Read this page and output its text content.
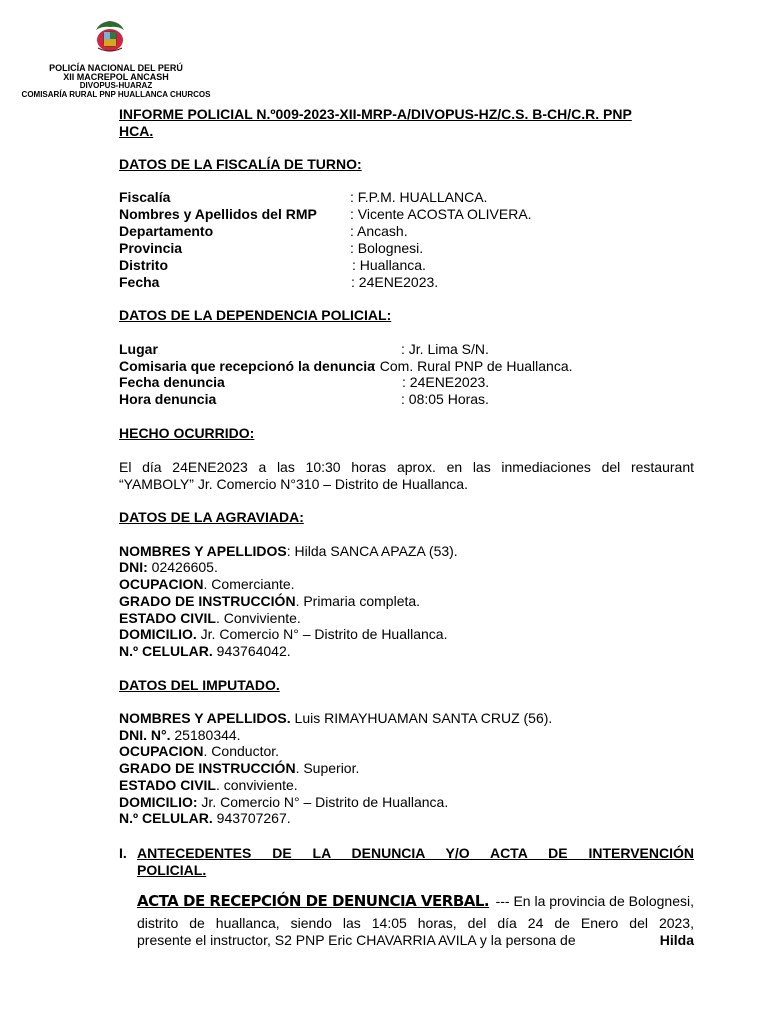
POLICÍA NACIONAL DEL PERÚ
XII MACREPOL ANCASH
DIVOPUS-HUARAZ
COMISARÍA RURAL PNP HUALLANCA CHURCOS
INFORME POLICIAL N.º009-2023-XII-MRP-A/DIVOPUS-HZ/C.S. B-CH/C.R. PNP
HCA.
DATOS DE LA FISCALÍA DE TURNO:
Fiscalía	: F.P.M. HUALLANCA.
Nombres y Apellidos del RMP : Vicente ACOSTA OLIVERA.
Departamento	: Ancash.
Provincia	: Bolognesi.
Distrito	: Huallanca.
Fecha	: 24ENE2023.
DATOS DE LA DEPENDENCIA POLICIAL:
Lugar	: Jr. Lima S/N.
Comisaria que recepcionó la denuncia
: Com. Rural PNP de Huallanca.
Fecha denuncia	: 24ENE2023.
Hora denuncia	: 08:05 Horas.
HECHO OCURRIDO:
El día 24ENE2023 a las 10:30 horas aprox. en las inmediaciones del restaurant
“YAMBOLY” Jr. Comercio N°310 – Distrito de Huallanca.
DATOS DE LA AGRAVIADA:
NOMBRES Y APELLIDOS: Hilda SANCA APAZA (53).
DNI: 02426605.
OCUPACION. Comerciante.
GRADO DE INSTRUCCIÓN. Primaria completa.
ESTADO CIVIL. Conviviente.
DOMICILIO. Jr. Comercio N° – Distrito de Huallanca.
N.º CELULAR. 943764042.
DATOS DEL IMPUTADO.
NOMBRES Y APELLIDOS. Luis RIMAYHUAMAN SANTA CRUZ (56).
DNI. N°. 25180344.
OCUPACION. Conductor.
GRADO DE INSTRUCCIÓN. Superior.
ESTADO CIVIL. conviviente.
DOMICILIO: Jr. Comercio N° – Distrito de Huallanca.
N.º CELULAR. 943707267.
I. ANTECEDENTES DE LA DENUNCIA Y/O ACTA DE INTERVENCIÓN
POLICIAL.
ACTA DE RECEPCIÓN DE DENUNCIA VERBAL. --- En la provincia de Bolognesi,
distrito de huallanca, siendo las 14:05 horas, del día 24 de Enero del 2023,
presente el instructor, S2 PNP Eric CHAVARRIA AVILA y la persona de	Hilda
